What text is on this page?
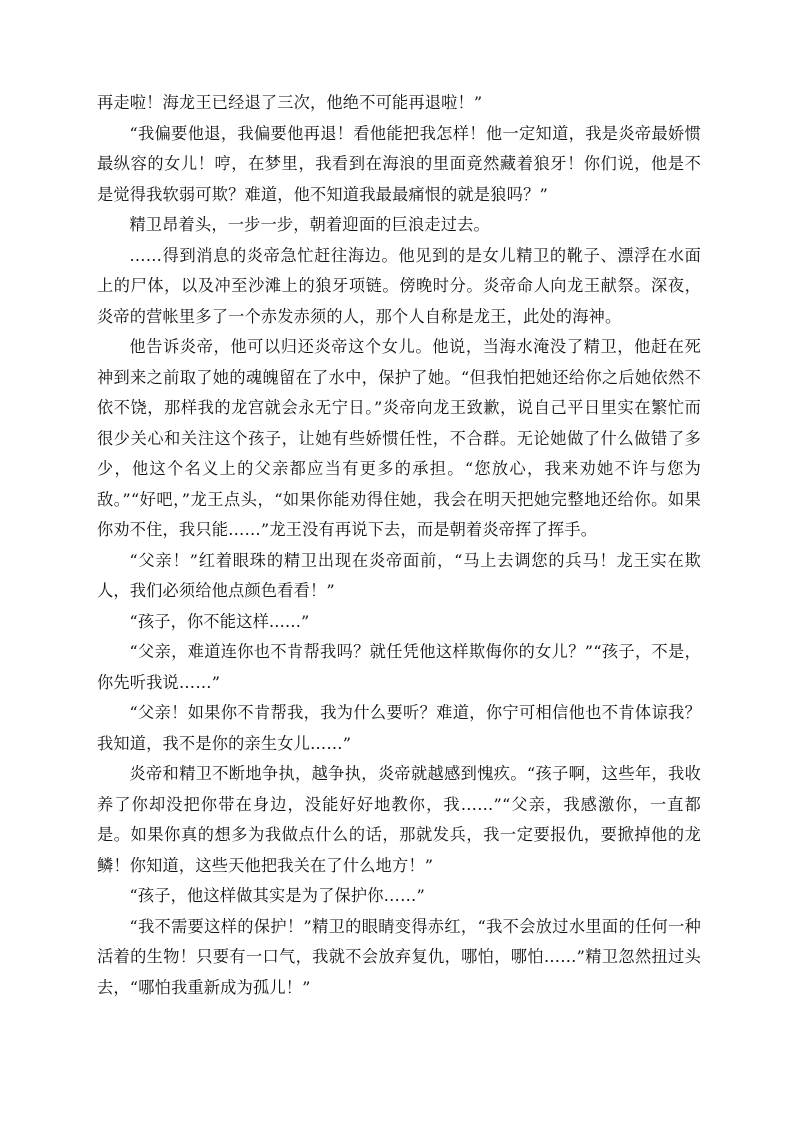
再走啦！海龙王已经退了三次，他绝不可能再退啦！”

“我偏要他退，我偏要他再退！看他能把我怎样！他一定知道，我是炎帝最娇惯最纵容的女儿！哼，在梦里，我看到在海浪的里面竟然藏着狼牙！你们说，他是不是觉得我软弱可欺？难道，他不知道我最最痛恨的就是狼吗？”

精卫昂着头，一步一步，朝着迎面的巨浪走过去。

……得到消息的炎帝急忙赶往海边。他见到的是女儿精卫的靴子、漂浮在水面上的尸体，以及冲至沙滩上的狼牙项链。傍晚时分。炎帝命人向龙王献祭。深夜，炎帝的营帐里多了一个赤发赤须的人，那个人自称是龙王，此处的海神。

他告诉炎帝，他可以归还炎帝这个女儿。他说，当海水淹没了精卫，他赶在死神到来之前取了她的魂魄留在了水中，保护了她。“但我怕把她还给你之后她依然不依不饶，那样我的龙宫就会永无宁日。”炎帝向龙王致歉，说自己平日里实在繁忙而很少关心和关注这个孩子，让她有些娇惯任性，不合群。无论她做了什么做错了多少，他这个名义上的父亲都应当有更多的承担。“您放心，我来劝她不许与您为敌。”“好吧，”龙王点头，“如果你能劝得住她，我会在明天把她完整地还给你。如果你劝不住，我只能……”龙王没有再说下去，而是朝着炎帝挥了挥手。

“父亲！”红着眼珠的精卫出现在炎帝面前，“马上去调您的兵马！龙王实在欺人，我们必须给他点颜色看看！”

“孩子，你不能这样......”

“父亲，难道连你也不肯帮我吗？就任凭他这样欺侮你的女儿？”“孩子，不是，你先听我说……”

“父亲！如果你不肯帮我，我为什么要听？难道，你宁可相信他也不肯体谅我？我知道，我不是你的亲生女儿……”

炎帝和精卫不断地争执，越争执，炎帝就越感到愧疚。“孩子啊，这些年，我收养了你却没把你带在身边，没能好好地教你，我……”“父亲，我感激你，一直都是。如果你真的想多为我做点什么的话，那就发兵，我一定要报仇，要掀掉他的龙鳞！你知道，这些天他把我关在了什么地方！”

“孩子，他这样做其实是为了保护你……”

“我不需要这样的保护！”精卫的眼睛变得赤红，“我不会放过水里面的任何一种活着的生物！只要有一口气，我就不会放弃复仇，哪怕，哪怕……”精卫忽然扭过头去，“哪怕我重新成为孤儿！”
